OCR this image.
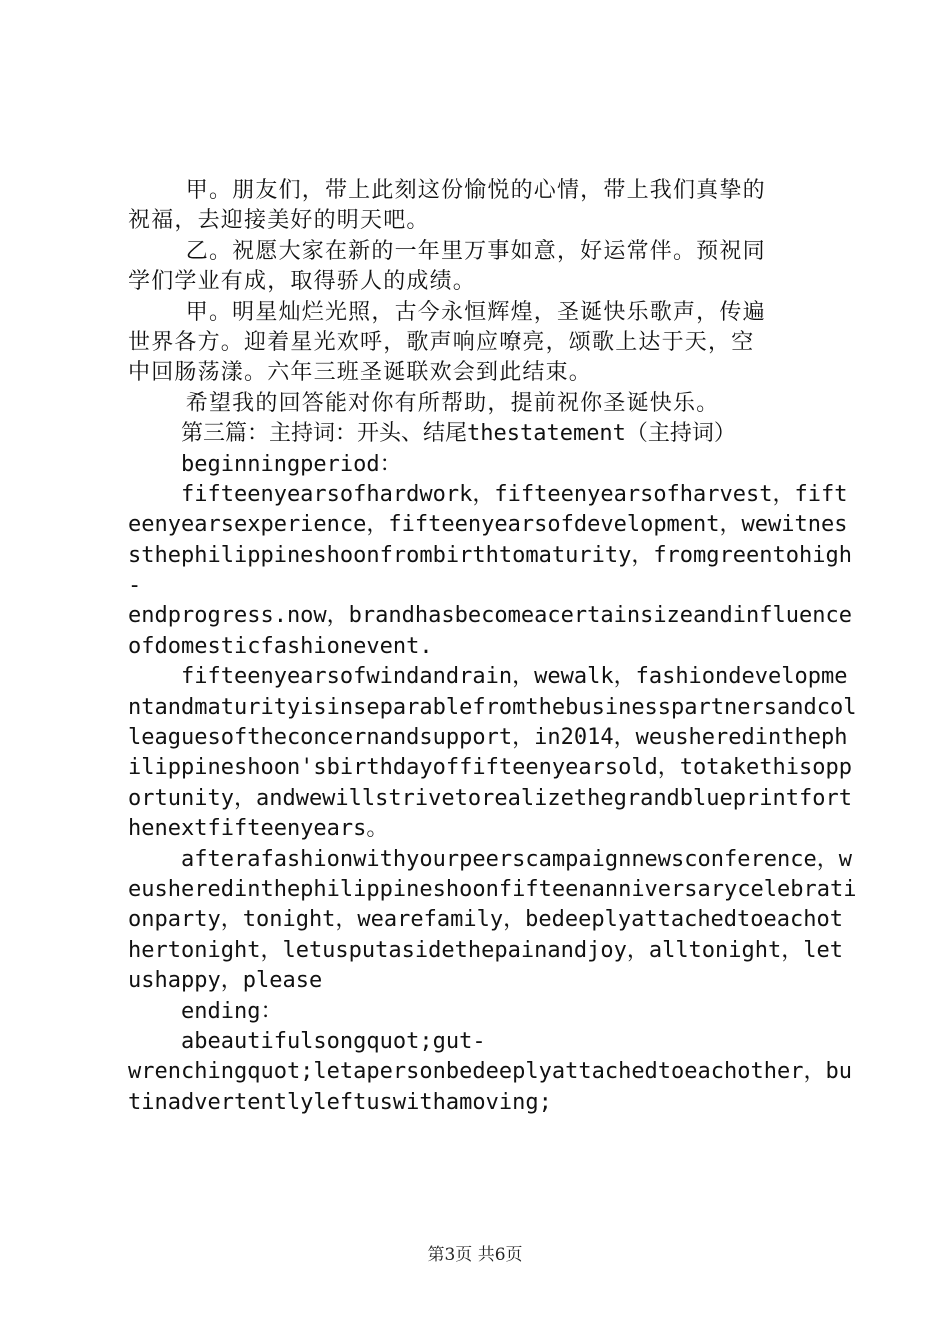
甲。朋友们，带上此刻这份愉悦的心情，带上我们真挚的
祝福，去迎接美好的明天吧。
乙。祝愿大家在新的一年里万事如意，好运常伴。预祝同
学们学业有成，取得骄人的成绩。
甲。明星灿烂光照，古今永恒辉煌，圣诞快乐歌声，传遍
世界各方。迎着星光欢呼，歌声响应嘹亮，颂歌上达于天，空
中回肠荡漾。六年三班圣诞联欢会到此结束。
希望我的回答能对你有所帮助，提前祝你圣诞快乐。
第三篇：主持词：开头、结尾thestatement（主持词）
beginningperiod：
fifteenyearsofhardwork，fifteenyearsofharvest，fift
eenyearsexperience，fifteenyearsofdevelopment，wewitnes
sthephilippineshoonfrombirthtomaturity，fromgreentohigh
-
endprogress.now，brandhasbecomeacertainsizeandinfluence
ofdomesticfashionevent.
fifteenyearsofwindandrain，wewalk，fashiondevelopme
ntandmaturityisinseparablefromthebusinesspartnersandcol
leaguesoftheconcernandsupport，in2014，weusheredintheph
ilippineshoon'sbirthdayoffifteenyearsold，totakethisopp
ortunity，andwewillstrivetorealizethegrandblueprintfort
henextfifteenyears。
afterafashionwithyourpeerscampaignnewsconference，w
eusheredinthephilippineshoonfifteenanniversarycelebrati
onparty，tonight，wearefamily，bedeeplyattachedtoeachot
hertonight，letusputasidethepainandjoy，alltonight，let
ushappy，please
ending：
abeautifulsongquot;gut-
wrenchingquot;letapersonbedeeplyattachedtoeachother，bu
tinadvertentlyleftuswithamoving;
第3页 共6页
